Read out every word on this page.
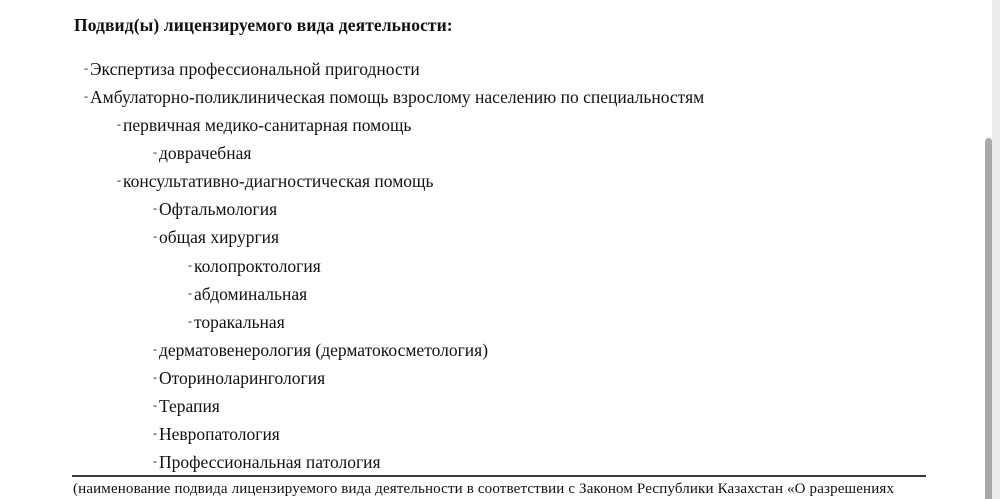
Подвид(ы) лицензируемого вида деятельности:
- Экспертиза профессиональной пригодности
- Амбулаторно-поликлиническая помощь взрослому населению по специальностям
- первичная медико-санитарная помощь
- доврачебная
- консультативно-диагностическая помощь
- Офтальмология
- общая хирургия
- колопроктология
- абдоминальная
- торакальная
- дерматовенерология (дерматокосметология)
- Оториноларингология
- Терапия
- Невропатология
- Профессиональная патология
(наименование подвида лицензируемого вида деятельности в соответствии с Законом Республики Казахстан «О разрешениях
